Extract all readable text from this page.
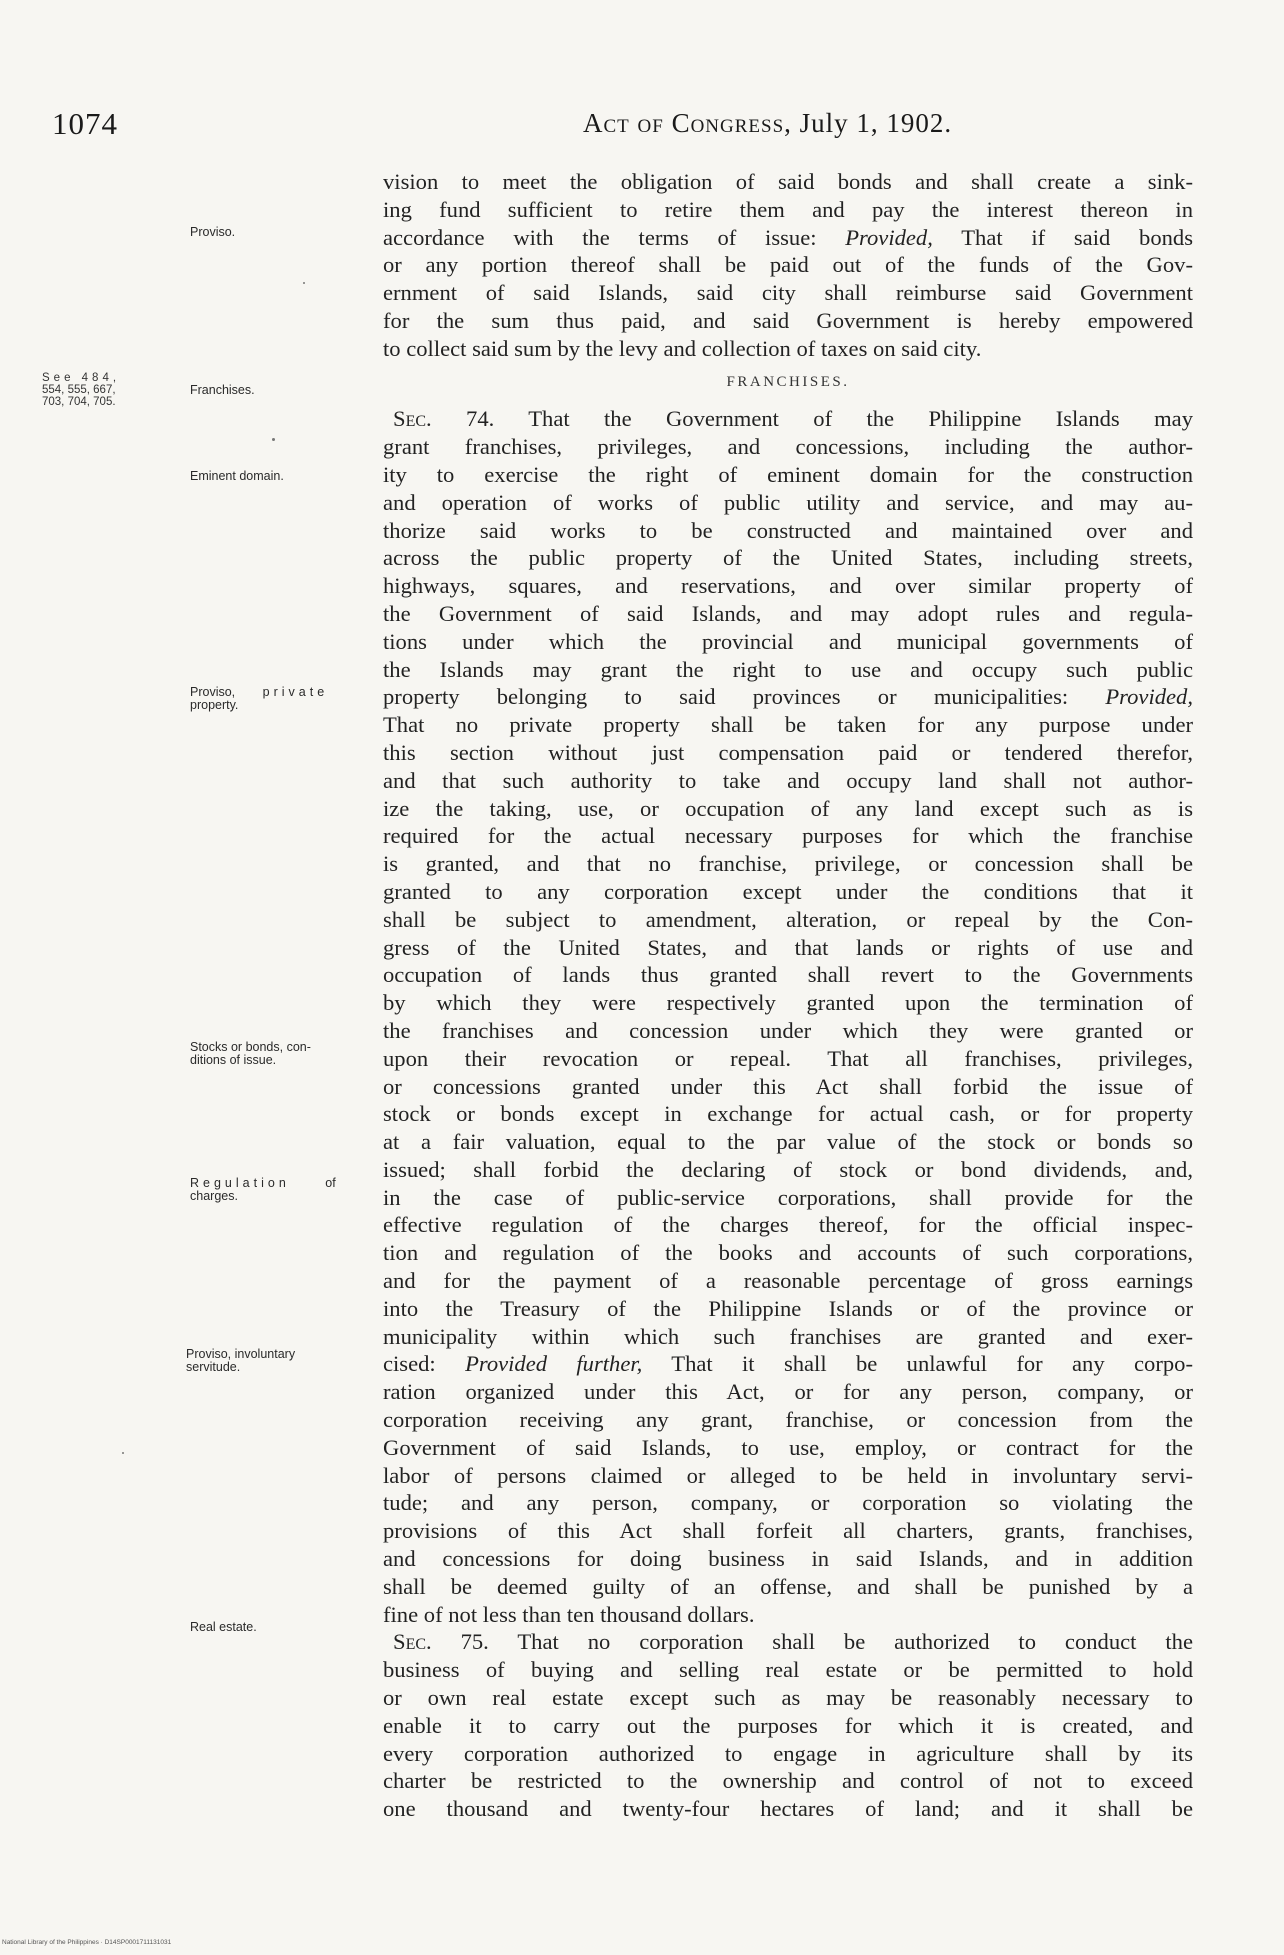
1074	Act of Congress, July 1, 1902.
Proviso.
See 484,
554, 555, 667,
703, 704, 705.
Franchises.
Eminent domain.
Proviso, private
property.
Stocks or bonds, con-
ditions of issue.
Regulation	of
charges.
Proviso, involuntary
servitude.
Real estate.
vision to meet the obligation of said bonds and shall create a sink-
ing fund sufficient to retire them and pay the interest thereon in
accordance with the terms of issue: Provided, That if said bonds
or any portion thereof shall be paid out of the funds of the Gov-
ernment of said Islands, said city shall reimburse said Government
for the sum thus paid, and said Government is hereby empowered
to collect said sum by the levy and collection of taxes on said city.
FRANCHISES.
Sec. 74. That the Government of the Philippine Islands may
grant franchises, privileges, and concessions, including the author-
ity to exercise the right of eminent domain for the construction
and operation of works of public utility and service, and may au-
thorize said works to be constructed and maintained over and
across the public property of the United States, including streets,
highways, squares, and reservations, and over similar property of
the Government of said Islands, and may adopt rules and regula-
tions under which the provincial and municipal governments of
the Islands may grant the right to use and occupy such public
property belonging to said provinces or municipalities: Provided,
That no private property shall be taken for any purpose under
this section without just compensation paid or tendered therefor,
and that such authority to take and occupy land shall not author-
ize the taking, use, or occupation of any land except such as is
required for the actual necessary purposes for which the franchise
is granted, and that no franchise, privilege, or concession shall be
granted to any corporation except under the conditions that it
shall be subject to amendment, alteration, or repeal by the Con-
gress of the United States, and that lands or rights of use and
occupation of lands thus granted shall revert to the Governments
by which they were respectively granted upon the termination of
the franchises and concession under which they were granted or
upon their revocation or repeal. That all franchises, privileges,
or concessions granted under this Act shall forbid the issue of
stock or bonds except in exchange for actual cash, or for property
at a fair valuation, equal to the par value of the stock or bonds so
issued; shall forbid the declaring of stock or bond dividends, and,
in the case of public-service corporations, shall provide for the
effective regulation of the charges thereof, for the official inspec-
tion and regulation of the books and accounts of such corporations,
and for the payment of a reasonable percentage of gross earnings
into the Treasury of the Philippine Islands or of the province or
municipality within which such franchises are granted and exer-
cised: Provided further, That it shall be unlawful for any corpo-
ration organized under this Act, or for any person, company, or
corporation receiving any grant, franchise, or concession from the
Government of said Islands, to use, employ, or contract for the
labor of persons claimed or alleged to be held in involuntary servi-
tude; and any person, company, or corporation so violating the
provisions of this Act shall forfeit all charters, grants, franchises,
and concessions for doing business in said Islands, and in addition
shall be deemed guilty of an offense, and shall be punished by a
fine of not less than ten thousand dollars.
Sec. 75. That no corporation shall be authorized to conduct the
business of buying and selling real estate or be permitted to hold
or own real estate except such as may be reasonably necessary to
enable it to carry out the purposes for which it is created, and
every corporation authorized to engage in agriculture shall by its
charter be restricted to the ownership and control of not to exceed
one thousand and twenty-four hectares of land; and it shall be
National Library of the Philippines · D14SP0001711131031
